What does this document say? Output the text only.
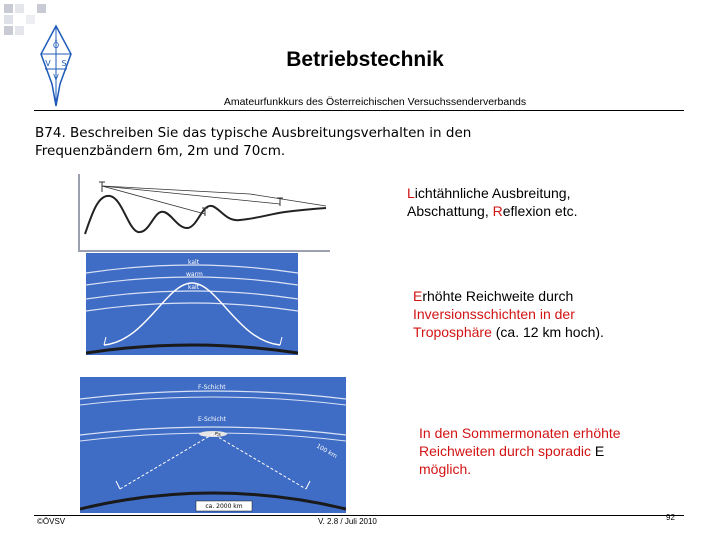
Ö
V S
V
Betriebstechnik
Amateurfunkkurs des Österreichischen Versuchssenderverbands
B74. Beschreiben Sie das typische Ausbreitungsverhalten in den
Frequenzbändern 6m, 2m und 70cm.
kalt
warm
kalt
F-Schicht
E-Schicht
Es
100 km
ca. 2000 km
Lichtähnliche Ausbreitung,
Abschattung, Reflexion etc.
Erhöhte Reichweite durch
Inversionsschichten in der
Troposphäre (ca. 12 km hoch).
In den Sommermonaten erhöhte
Reichweiten durch sporadic E
möglich.
©ÖVSV	V. 2.8 / Juli 2010	92
